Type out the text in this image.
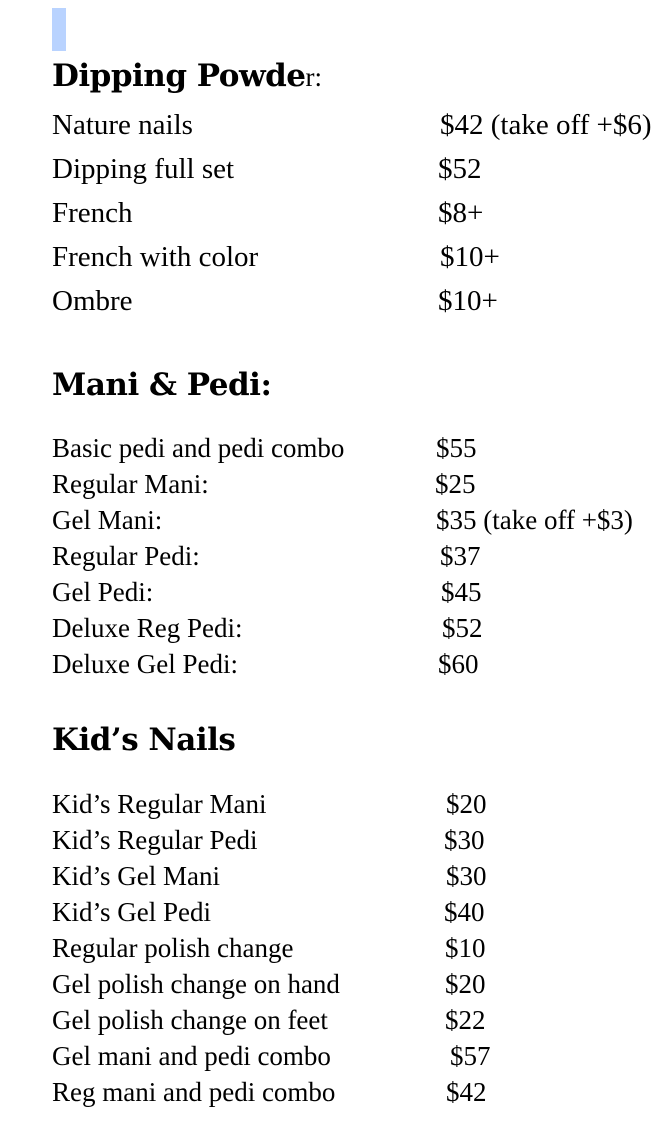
Dipping Powder:
Nature nails	$42 (take off +$6)
Dipping full set	$52
French	$8+
French with color	$10+
Ombre	$10+
Mani & Pedi:
Basic pedi and pedi combo	$55
Regular Mani:	$25
Gel Mani:	$35 (take off +$3)
Regular Pedi:	$37
Gel Pedi:	$45
Deluxe Reg Pedi:	$52
Deluxe Gel Pedi:	$60
Kid’s Nails
Kid’s Regular Mani	$20
Kid’s Regular Pedi	$30
Kid’s Gel Mani	$30
Kid’s Gel Pedi	$40
Regular polish change	$10
Gel polish change on hand	$20
Gel polish change on feet	$22
Gel mani and pedi combo	$57
Reg mani and pedi combo	$42
